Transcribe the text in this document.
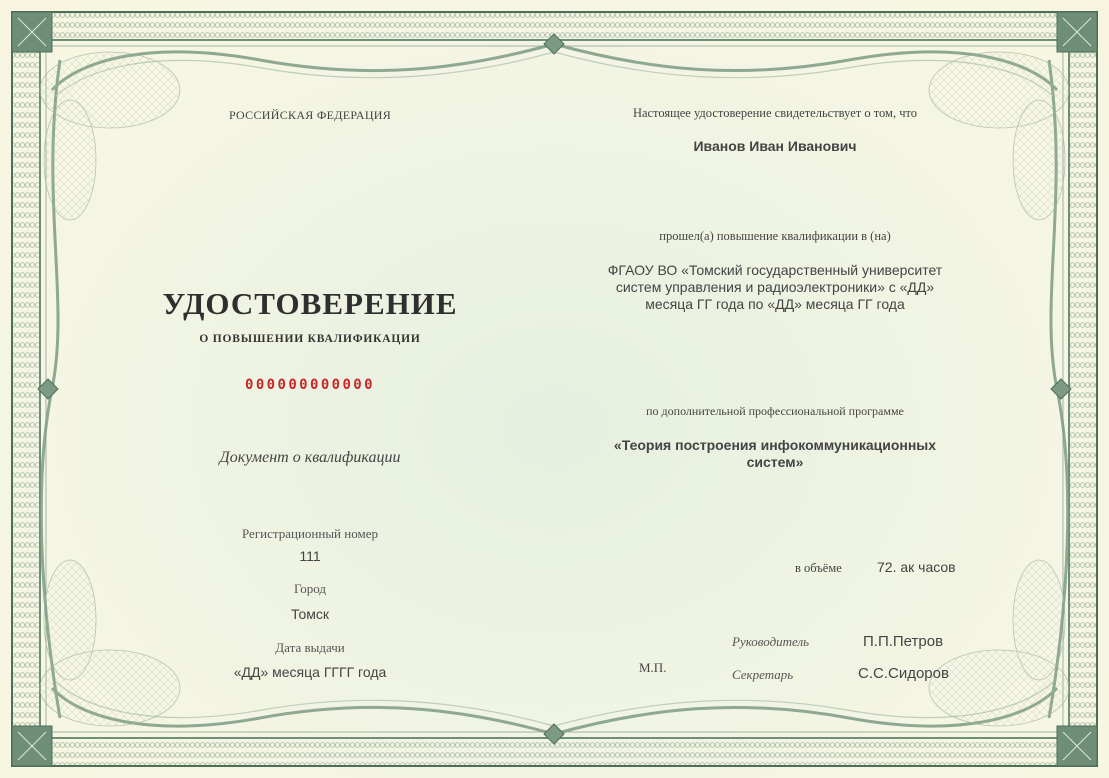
РОССИЙСКАЯ ФЕДЕРАЦИЯ
УДОСТОВЕРЕНИЕ
О ПОВЫШЕНИИ КВАЛИФИКАЦИИ
000000000000
Документ о квалификации
Регистрационный номер
111
Город
Томск
Дата выдачи
«ДД» месяца ГГГГ года
Настоящее удостоверение свидетельствует о том, что
Иванов Иван Иванович
прошел(а) повышение квалификации в (на)
ФГАОУ ВО «Томский государственный университет систем управления и радиоэлектроники» с «ДД» месяца ГГ года по «ДД» месяца ГГ года
по дополнительной профессиональной программе
«Теория построения инфокоммуникационных систем»
в объёме	72. ак часов
М.П.
Руководитель	П.П.Петров
Секретарь	С.С.Сидоров
